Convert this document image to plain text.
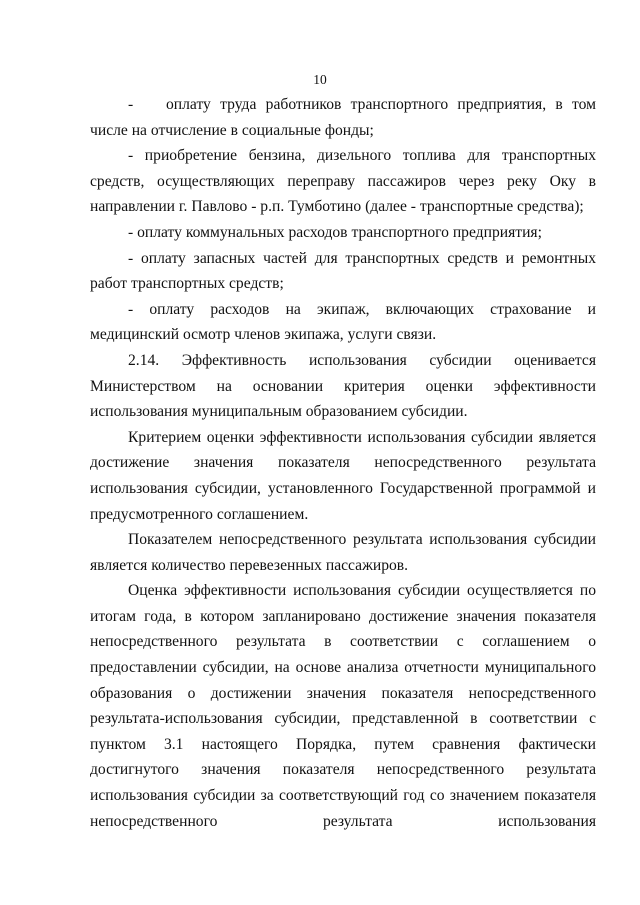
10

- оплату труда работников транспортного предприятия, в том числе на отчисление в социальные фонды;

- приобретение бензина, дизельного топлива для транспортных средств, осуществляющих переправу пассажиров через реку Оку в направлении г. Павлово - р.п. Тумботино (далее - транспортные средства);

- оплату коммунальных расходов транспортного предприятия;

- оплату запасных частей для транспортных средств и ремонтных работ транспортных средств;

- оплату расходов на экипаж, включающих страхование и медицинский осмотр членов экипажа, услуги связи.

2.14. Эффективность использования субсидии оценивается Министерством на основании критерия оценки эффективности использования муниципальным образованием субсидии.

Критерием оценки эффективности использования субсидии является достижение значения показателя непосредственного результата использования субсидии, установленного Государственной программой и предусмотренного соглашением.

Показателем непосредственного результата использования субсидии является количество перевезенных пассажиров.

Оценка эффективности использования субсидии осуществляется по итогам года, в котором запланировано достижение значения показателя непосредственного результата в соответствии с соглашением о предоставлении субсидии, на основе анализа отчетности муниципального образования о достижении значения показателя непосредственного результата-использования субсидии, представленной в соответствии с пунктом 3.1 настоящего Порядка, путем сравнения фактически достигнутого значения показателя непосредственного результата использования субсидии за соответствующий год со значением показателя непосредственного результата использования
